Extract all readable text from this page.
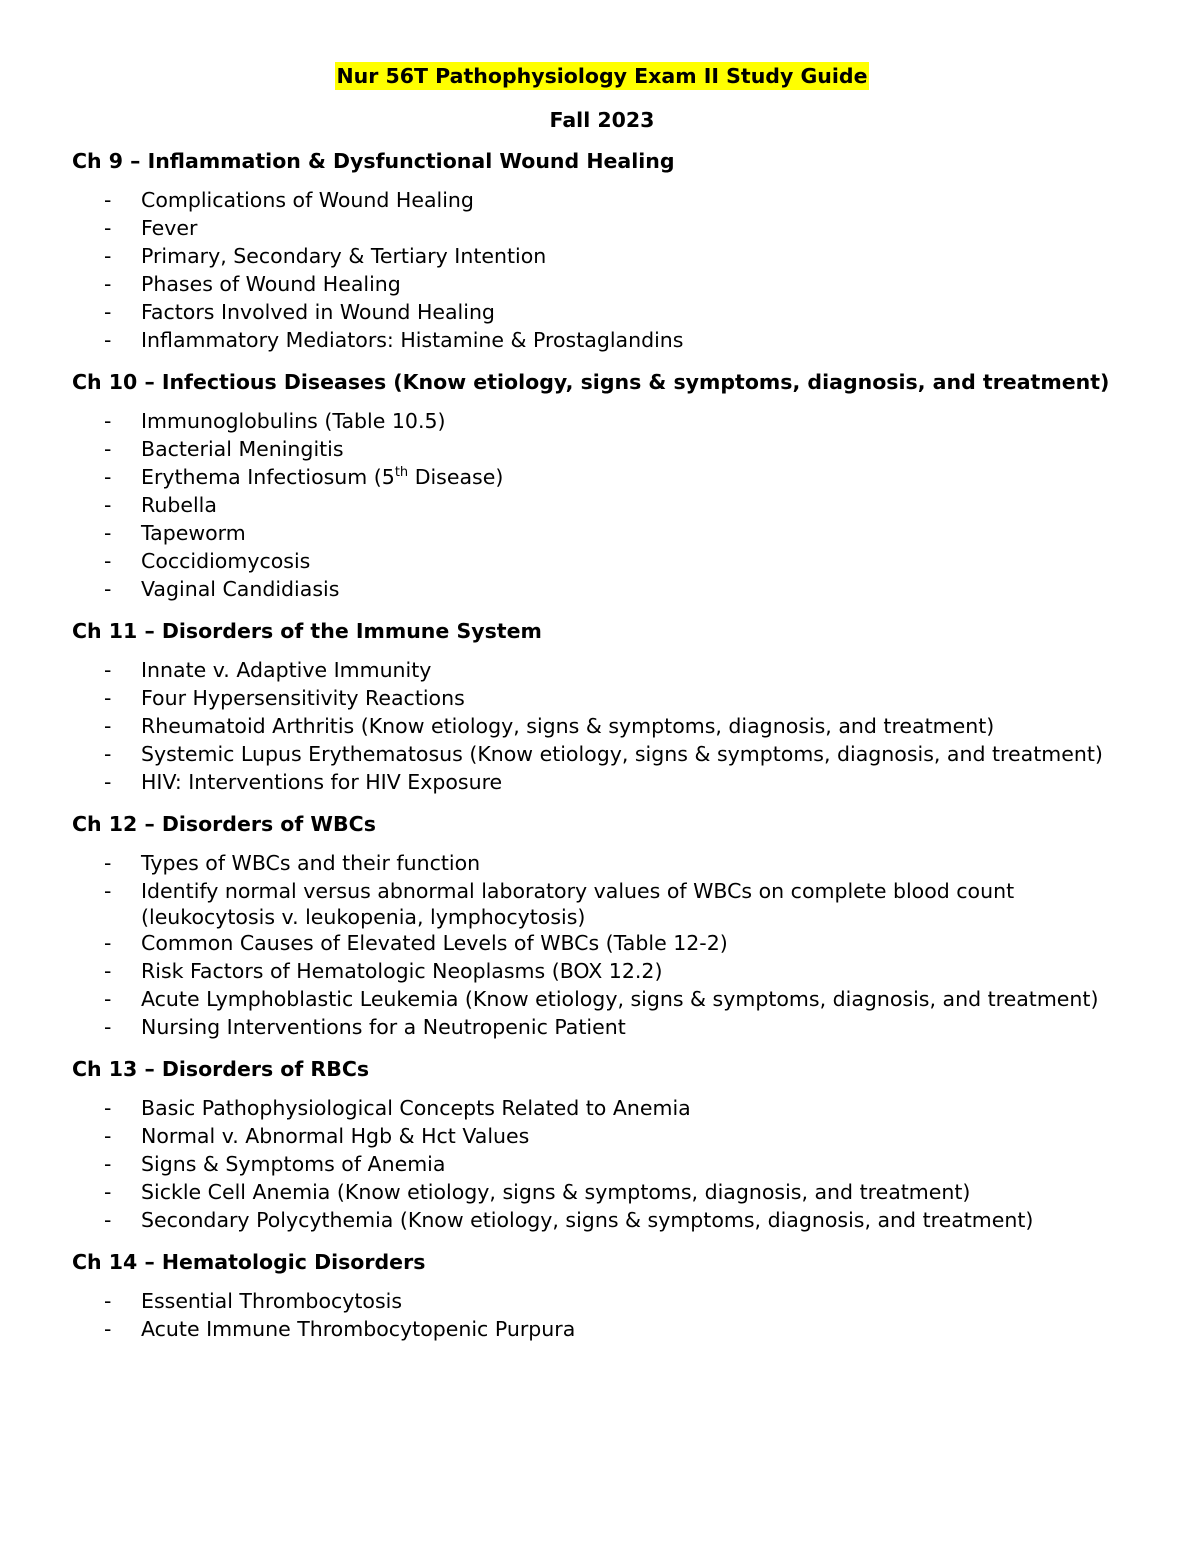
Nur 56T Pathophysiology Exam II Study Guide
Fall 2023
Ch 9 – Inflammation & Dysfunctional Wound Healing
- Complications of Wound Healing
- Fever
- Primary, Secondary & Tertiary Intention
- Phases of Wound Healing
- Factors Involved in Wound Healing
- Inflammatory Mediators: Histamine & Prostaglandins
Ch 10 – Infectious Diseases (Know etiology, signs & symptoms, diagnosis, and treatment)
- Immunoglobulins (Table 10.5)
- Bacterial Meningitis
- Erythema Infectiosum (5th Disease)
- Rubella
- Tapeworm
- Coccidiomycosis
- Vaginal Candidiasis
Ch 11 – Disorders of the Immune System
- Innate v. Adaptive Immunity
- Four Hypersensitivity Reactions
- Rheumatoid Arthritis (Know etiology, signs & symptoms, diagnosis, and treatment)
- Systemic Lupus Erythematosus (Know etiology, signs & symptoms, diagnosis, and treatment)
- HIV: Interventions for HIV Exposure
Ch 12 – Disorders of WBCs
- Types of WBCs and their function
- Identify normal versus abnormal laboratory values of WBCs on complete blood count (leukocytosis v. leukopenia, lymphocytosis)
- Common Causes of Elevated Levels of WBCs (Table 12-2)
- Risk Factors of Hematologic Neoplasms (BOX 12.2)
- Acute Lymphoblastic Leukemia (Know etiology, signs & symptoms, diagnosis, and treatment)
- Nursing Interventions for a Neutropenic Patient
Ch 13 – Disorders of RBCs
- Basic Pathophysiological Concepts Related to Anemia
- Normal v. Abnormal Hgb & Hct Values
- Signs & Symptoms of Anemia
- Sickle Cell Anemia (Know etiology, signs & symptoms, diagnosis, and treatment)
- Secondary Polycythemia (Know etiology, signs & symptoms, diagnosis, and treatment)
Ch 14 – Hematologic Disorders
- Essential Thrombocytosis
- Acute Immune Thrombocytopenic Purpura
